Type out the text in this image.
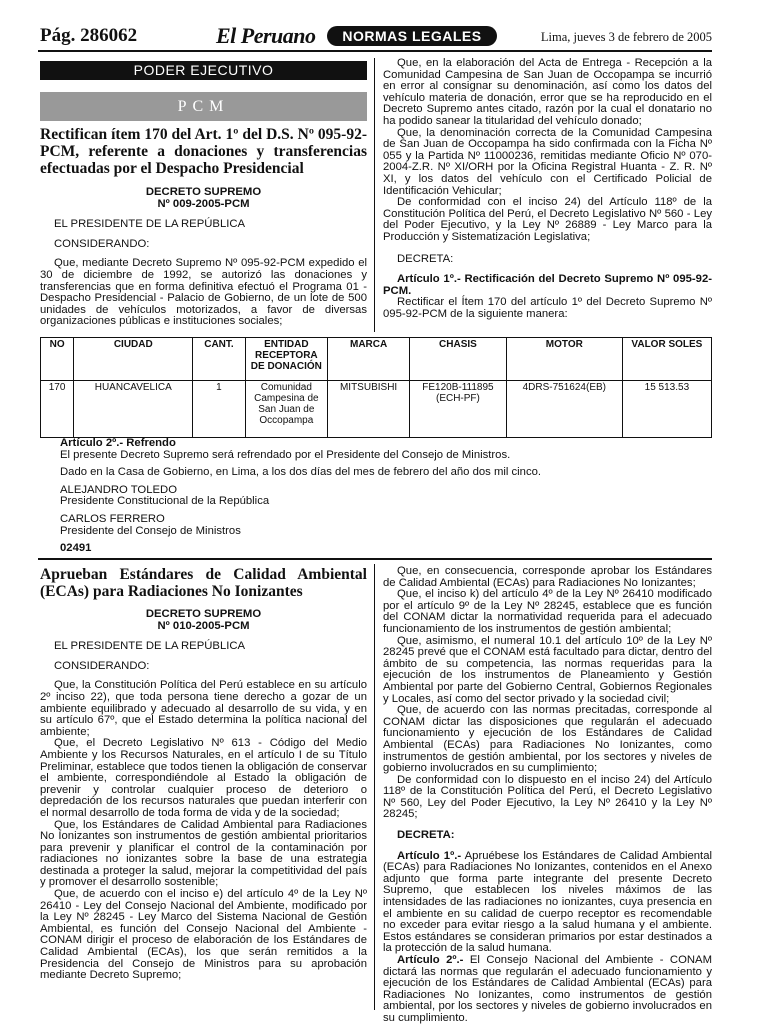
Pág. 286062	El Peruano	NORMAS LEGALES	Lima, jueves 3 de febrero de 2005
PODER EJECUTIVO
PCM

Rectifican ítem 170 del Art. 1º del D.S. Nº 095-92-PCM, referente a donaciones y transferencias efectuadas por el Despacho Presidencial

DECRETO SUPREMO

Nº 009-2005-PCM

EL PRESIDENTE DE LA REPÚBLICA

CONSIDERANDO:

Que, mediante Decreto Supremo Nº 095-92-PCM expedido el 30 de diciembre de 1992, se autorizó las donaciones y transferencias que en forma definitiva efectuó el Programa 01 - Despacho Presidencial - Palacio de Gobierno, de un lote de 500 unidades de vehículos motorizados, a favor de diversas organizaciones públicas e instituciones sociales;

Que, en la elaboración del Acta de Entrega - Recepción a la Comunidad Campesina de San Juan de Occopampa se incurrió en error al consignar su denominación, así como los datos del vehículo materia de donación, error que se ha reproducido en el Decreto Supremo antes citado, razón por la cual el donatario no ha podido sanear la titularidad del vehículo donado;

Que, la denominación correcta de la Comunidad Campesina de San Juan de Occopampa ha sido confirmada con la Ficha Nº 055 y la Partida Nº 11000236, remitidas mediante Oficio Nº 070-2004-Z.R. Nº XI/ORH por la Oficina Registral Huanta - Z. R. Nº XI, y los datos del vehículo con el Certificado Policial de Identificación Vehicular;

De conformidad con el inciso 24) del Artículo 118º de la Constitución Política del Perú, el Decreto Legislativo Nº 560 - Ley del Poder Ejecutivo, y la Ley Nº 26889 - Ley Marco para la Producción y Sistematización Legislativa;

DECRETA:

Artículo 1º.- Rectificación del Decreto Supremo Nº 095-92-PCM.

Rectificar el Ítem 170 del artículo 1º del Decreto Supremo Nº 095-92-PCM de la siguiente manera:

NO	CIUDAD	CANT.	ENTIDAD RECEPTORA DE DONACIÓN	MARCA	CHASIS	MOTOR	VALOR SOLES
170	HUANCAVELICA	1	Comunidad Campesina de San Juan de Occopampa	MITSUBISHI	FE120B-111895 (ECH-PF)	4DRS-751624(EB)	15 513.53

Artículo 2º.- Refrendo

El presente Decreto Supremo será refrendado por el Presidente del Consejo de Ministros.

Dado en la Casa de Gobierno, en Lima, a los dos días del mes de febrero del año dos mil cinco.

ALEJANDRO TOLEDO

Presidente Constitucional de la República

CARLOS FERRERO

Presidente del Consejo de Ministros

02491

Aprueban Estándares de Calidad Ambiental (ECAs) para Radiaciones No Ionizantes

DECRETO SUPREMO

Nº 010-2005-PCM

EL PRESIDENTE DE LA REPÚBLICA

CONSIDERANDO:

Que, la Constitución Política del Perú establece en su artículo 2º inciso 22), que toda persona tiene derecho a gozar de un ambiente equilibrado y adecuado al desarrollo de su vida, y en su artículo 67º, que el Estado determina la política nacional del ambiente;

Que, el Decreto Legislativo Nº 613 - Código del Medio Ambiente y los Recursos Naturales, en el artículo I de su Título Preliminar, establece que todos tienen la obligación de conservar el ambiente, correspondiéndole al Estado la obligación de prevenir y controlar cualquier proceso de deterioro o depredación de los recursos naturales que puedan interferir con el normal desarrollo de toda forma de vida y de la sociedad;

Que, los Estándares de Calidad Ambiental para Radiaciones No Ionizantes son instrumentos de gestión ambiental prioritarios para prevenir y planificar el control de la contaminación por radiaciones no ionizantes sobre la base de una estrategia destinada a proteger la salud, mejorar la competitividad del país y promover el desarrollo sostenible;

Que, de acuerdo con el inciso e) del artículo 4º de la Ley Nº 26410 - Ley del Consejo Nacional del Ambiente, modificado por la Ley Nº 28245 - Ley Marco del Sistema Nacional de Gestión Ambiental, es función del Consejo Nacional del Ambiente - CONAM dirigir el proceso de elaboración de los Estándares de Calidad Ambiental (ECAs), los que serán remitidos a la Presidencia del Consejo de Ministros para su aprobación mediante Decreto Supremo;

Que, en consecuencia, corresponde aprobar los Estándares de Calidad Ambiental (ECAs) para Radiaciones No Ionizantes;

Que, el inciso k) del artículo 4º de la Ley Nº 26410 modificado por el artículo 9º de la Ley Nº 28245, establece que es función del CONAM dictar la normatividad requerida para el adecuado funcionamiento de los instrumentos de gestión ambiental;

Que, asimismo, el numeral 10.1 del artículo 10º de la Ley Nº 28245 prevé que el CONAM está facultado para dictar, dentro del ámbito de su competencia, las normas requeridas para la ejecución de los instrumentos de Planeamiento y Gestión Ambiental por parte del Gobierno Central, Gobiernos Regionales y Locales, así como del sector privado y la sociedad civil;

Que, de acuerdo con las normas precitadas, corresponde al CONAM dictar las disposiciones que regularán el adecuado funcionamiento y ejecución de los Estándares de Calidad Ambiental (ECAs) para Radiaciones No Ionizantes, como instrumentos de gestión ambiental, por los sectores y niveles de gobierno involucrados en su cumplimiento;

De conformidad con lo dispuesto en el inciso 24) del Artículo 118º de la Constitución Política del Perú, el Decreto Legislativo Nº 560, Ley del Poder Ejecutivo, la Ley Nº 26410 y la Ley Nº 28245;

DECRETA:

Artículo 1º.- Apruébese los Estándares de Calidad Ambiental (ECAs) para Radiaciones No Ionizantes, contenidos en el Anexo adjunto que forma parte integrante del presente Decreto Supremo, que establecen los niveles máximos de las intensidades de las radiaciones no ionizantes, cuya presencia en el ambiente en su calidad de cuerpo receptor es recomendable no exceder para evitar riesgo a la salud humana y el ambiente. Estos estándares se consideran primarios por estar destinados a la protección de la salud humana.

Artículo 2º.- El Consejo Nacional del Ambiente - CONAM dictará las normas que regularán el adecuado funcionamiento y ejecución de los Estándares de Calidad Ambiental (ECAs) para Radiaciones No Ionizantes, como instrumentos de gestión ambiental, por los sectores y niveles de gobierno involucrados en su cumplimiento.
